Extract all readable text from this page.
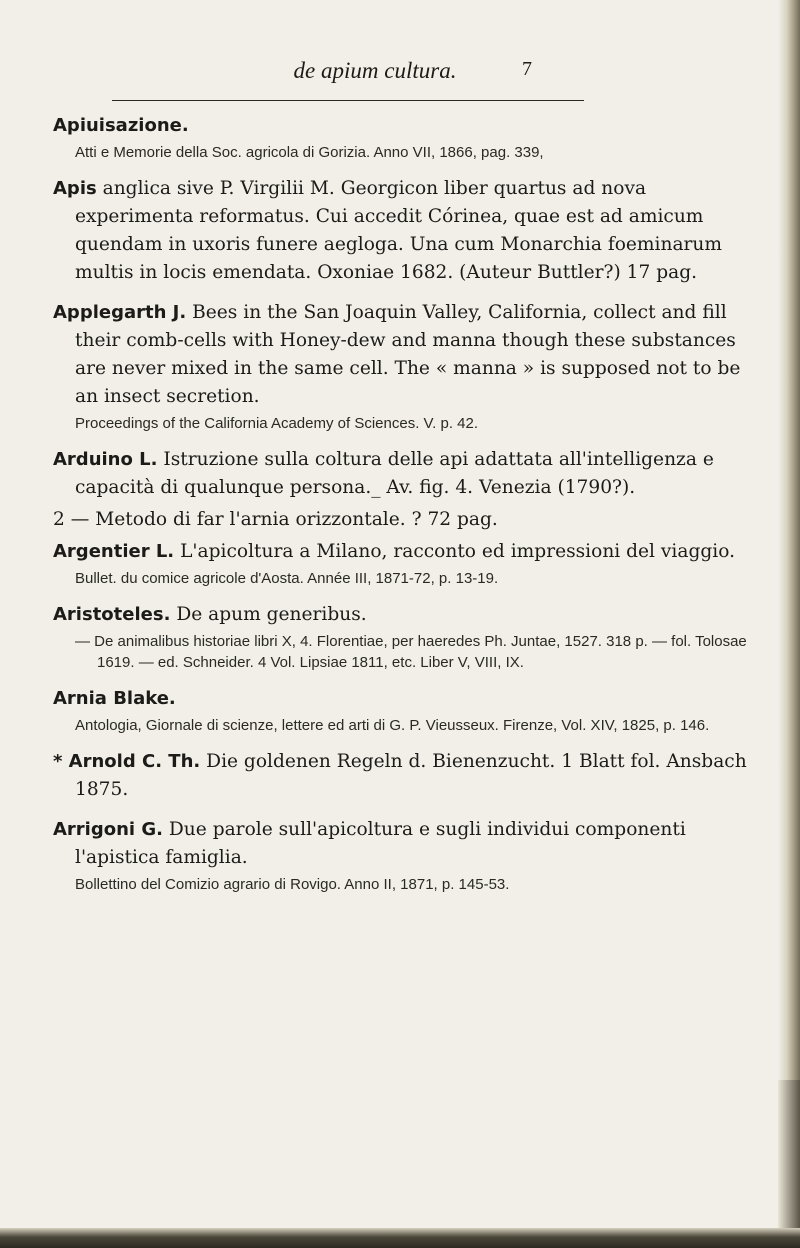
de apium cultura.	7

Apiuisazione.

Atti e Memorie della Soc. agricola di Gorizia. Anno VII, 1866, pag. 339,

Apis anglica sive P. Virgilii M. Georgicon liber quartus ad nova experimenta reformatus. Cui accedit Córinea, quae est ad amicum quendam in uxoris funere aegloga. Una cum Monarchia foeminarum multis in locis emendata. Oxoniae 1682. (Auteur Buttler?) 17 pag.

Applegarth J. Bees in the San Joaquin Valley, California, collect and fill their comb-cells with Honey-dew and manna though these substances are never mixed in the same cell. The « manna » is supposed not to be an insect secretion.

Proceedings of the California Academy of Sciences. V. p. 42.

Arduino L. Istruzione sulla coltura delle api adattata all'intelligenza e capacità di qualunque persona._ Av. fig. 4. Venezia (1790?).

2 — Metodo di far l'arnia orizzontale. ? 72 pag.

Argentier L. L'apicoltura a Milano, racconto ed impressioni del viaggio.

Bullet. du comice agricole d'Aosta. Année III, 1871-72, p. 13-19.

Aristoteles. De apum generibus.

— De animalibus historiae libri X, 4. Florentiae, per haeredes Ph. Juntae, 1527. 318 p. — fol. Tolosae 1619. — ed. Schneider. 4 Vol. Lipsiae 1811, etc. Liber V, VIII, IX.

Arnia Blake.

Antologia, Giornale di scienze, lettere ed arti di G. P. Vieusseux. Firenze, Vol. XIV, 1825, p. 146.

* Arnold C. Th. Die goldenen Regeln d. Bienenzucht. 1 Blatt fol. Ansbach 1875.

Arrigoni G. Due parole sull'apicoltura e sugli individui componenti l'apistica famiglia.

Bollettino del Comizio agrario di Rovigo. Anno II, 1871, p. 145-53.
